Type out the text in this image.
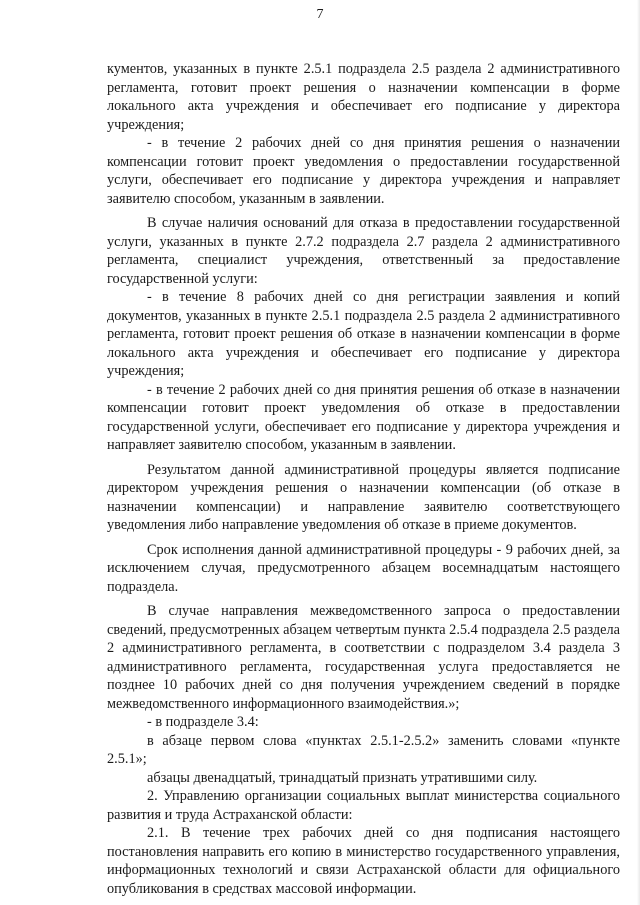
7

кументов, указанных в пункте 2.5.1 подраздела 2.5 раздела 2 административного регламента, готовит проект решения о назначении компенсации в форме локального акта учреждения и обеспечивает его подписание у директора учреждения;

- в течение 2 рабочих дней со дня принятия решения о назначении компенсации готовит проект уведомления о предоставлении государственной услуги, обеспечивает его подписание у директора учреждения и направляет заявителю способом, указанным в заявлении.

В случае наличия оснований для отказа в предоставлении государственной услуги, указанных в пункте 2.7.2 подраздела 2.7 раздела 2 административного регламента, специалист учреждения, ответственный за предоставление государственной услуги:

- в течение 8 рабочих дней со дня регистрации заявления и копий документов, указанных в пункте 2.5.1 подраздела 2.5 раздела 2 административного регламента, готовит проект решения об отказе в назначении компенсации в форме локального акта учреждения и обеспечивает его подписание у директора учреждения;

- в течение 2 рабочих дней со дня принятия решения об отказе в назначении компенсации готовит проект уведомления об отказе в предоставлении государственной услуги, обеспечивает его подписание у директора учреждения и направляет заявителю способом, указанным в заявлении.

Результатом данной административной процедуры является подписание директором учреждения решения о назначении компенсации (об отказе в назначении компенсации) и направление заявителю соответствующего уведомления либо направление уведомления об отказе в приеме документов.

Срок исполнения данной административной процедуры - 9 рабочих дней, за исключением случая, предусмотренного абзацем восемнадцатым настоящего подраздела.

В случае направления межведомственного запроса о предоставлении сведений, предусмотренных абзацем четвертым пункта 2.5.4 подраздела 2.5 раздела 2 административного регламента, в соответствии с подразделом 3.4 раздела 3 административного регламента, государственная услуга предоставляется не позднее 10 рабочих дней со дня получения учреждением сведений в порядке межведомственного информационного взаимодействия.»;

- в подразделе 3.4:

в абзаце первом слова «пунктах 2.5.1-2.5.2» заменить словами «пункте 2.5.1»;

абзацы двенадцатый, тринадцатый признать утратившими силу.

2. Управлению организации социальных выплат министерства социального развития и труда Астраханской области:

2.1. В течение трех рабочих дней со дня подписания настоящего постановления направить его копию в министерство государственного управления, информационных технологий и связи Астраханской области для официального опубликования в средствах массовой информации.
